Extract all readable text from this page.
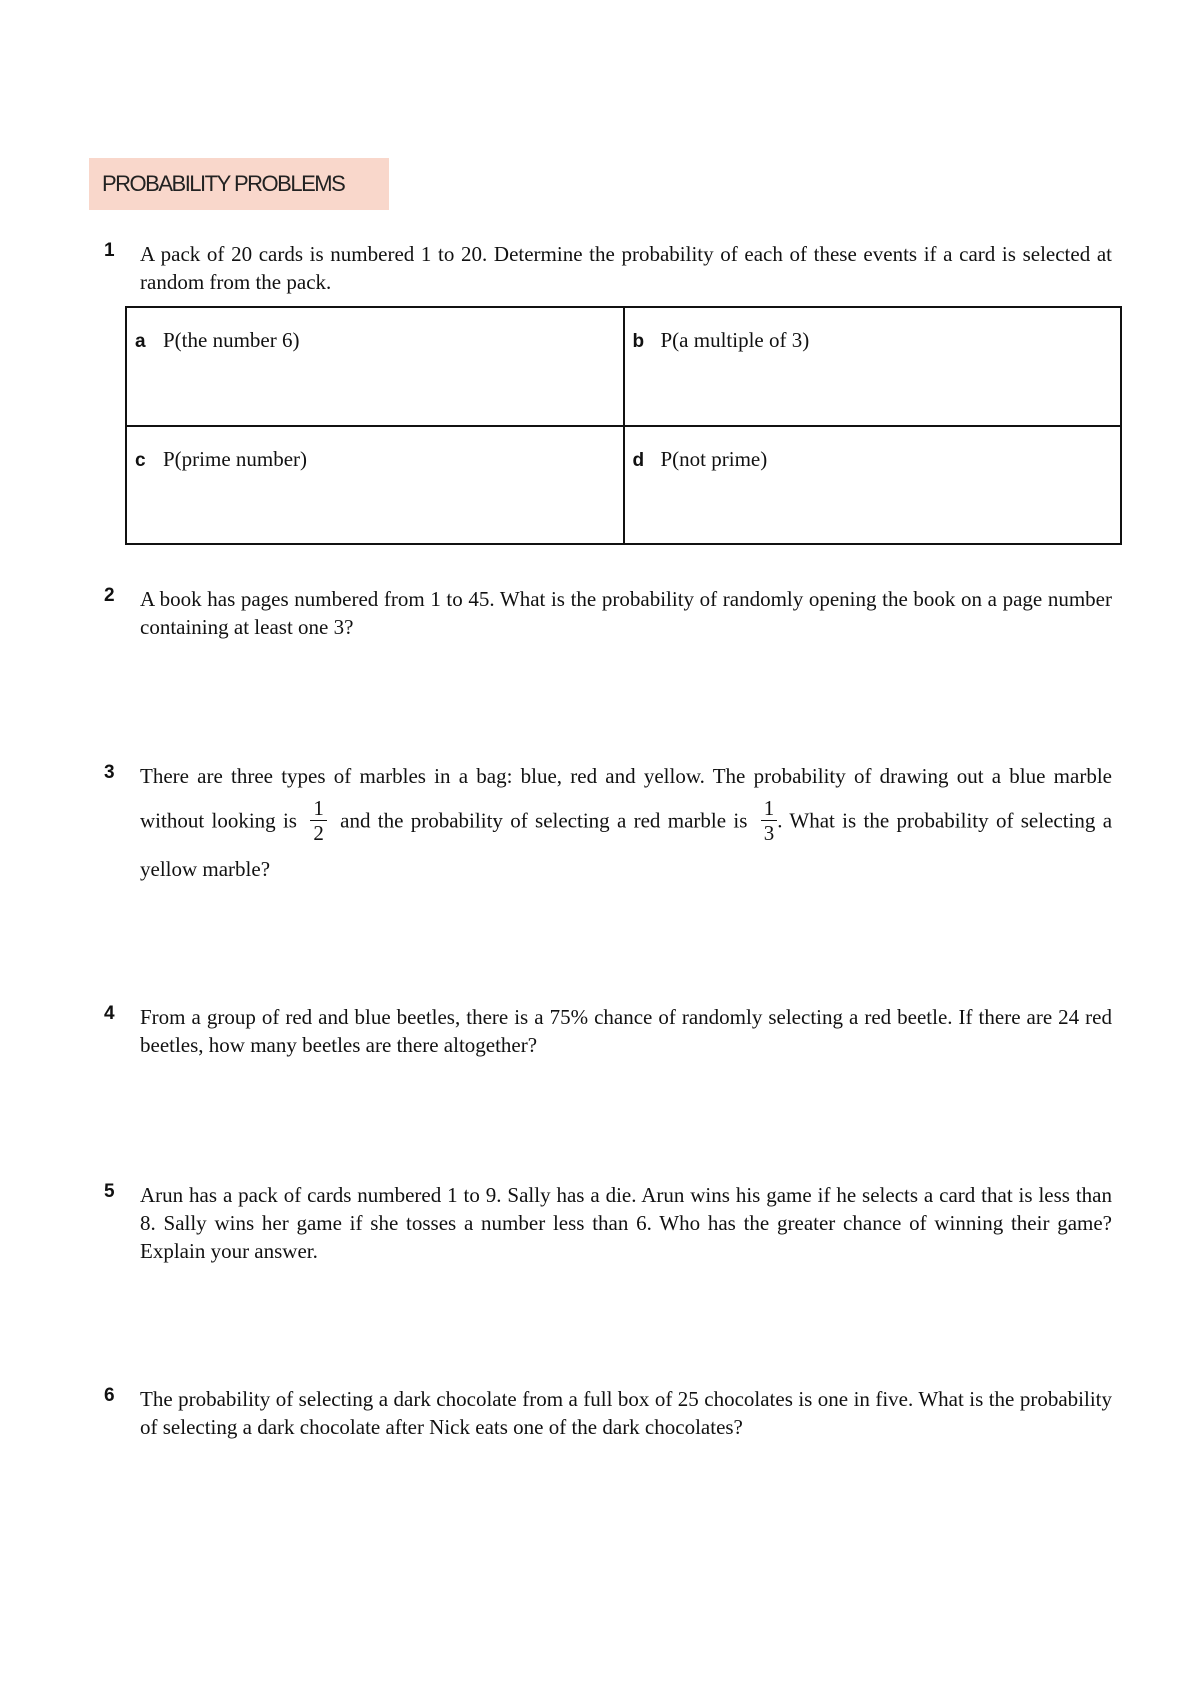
PROBABILITY PROBLEMS
1 A pack of 20 cards is numbered 1 to 20. Determine the probability of each of these events if a card is selected at random from the pack.
a P(the number 6)	b P(a multiple of 3)
c P(prime number)	d P(not prime)
2 A book has pages numbered from 1 to 45. What is the probability of randomly opening the book on a page number containing at least one 3?
3 There are three types of marbles in a bag: blue, red and yellow. The probability of drawing out a blue marble without looking is $\frac{1}{2}$ and the probability of selecting a red marble is $\frac{1}{3}$ . What is the probability of selecting a yellow marble?
4 From a group of red and blue beetles, there is a 75% chance of randomly selecting a red beetle. If there are 24 red beetles, how many beetles are there altogether?
5 Arun has a pack of cards numbered 1 to 9. Sally has a die. Arun wins his game if he selects a card that is less than 8. Sally wins her game if she tosses a number less than 6. Who has the greater chance of winning their game? Explain your answer.
6 The probability of selecting a dark chocolate from a full box of 25 chocolates is one in five. What is the probability of selecting a dark chocolate after Nick eats one of the dark chocolates?
